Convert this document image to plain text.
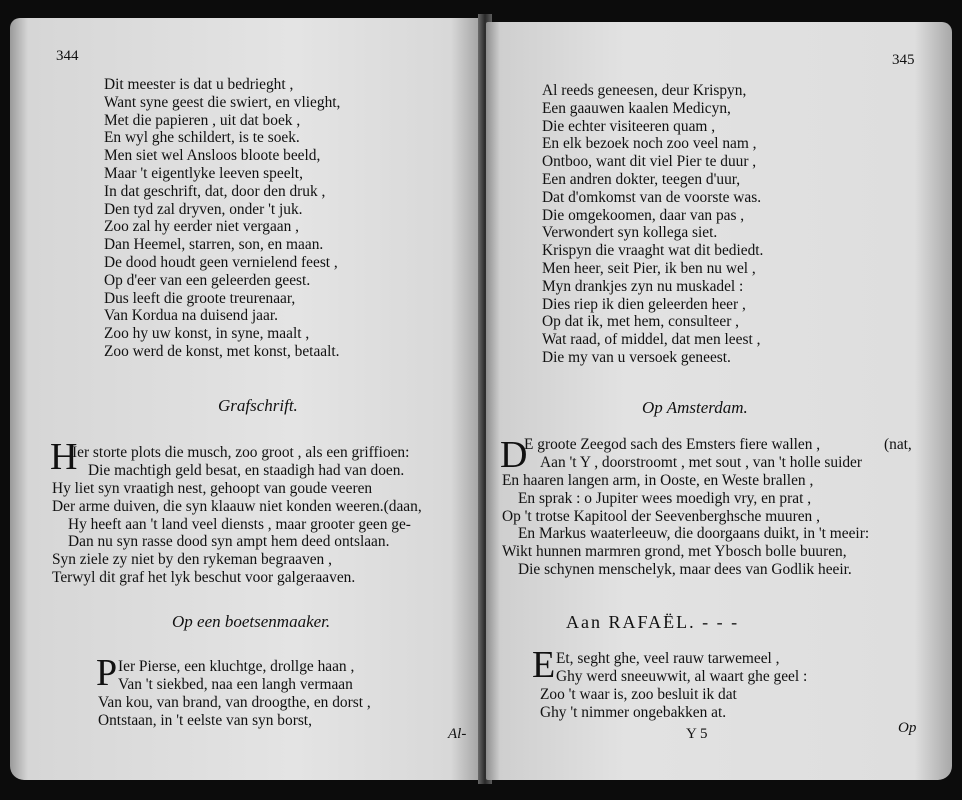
344
Dit meester is dat u bedrieght ,
Want syne geest die swiert, en vlieght,
Met die papieren , uit dat boek ,
En wyl ghe schildert, is te soek.
Men siet wel Ansloos bloote beeld,
Maar 't eigentlyke leeven speelt,
In dat geschrift, dat, door den druk ,
Den tyd zal dryven, onder 't juk.
Zoo zal hy eerder niet vergaan ,
Dan Heemel, starren, son, en maan.
De dood houdt geen vernielend feest ,
Op d'eer van een geleerden geest.
Dus leeft die groote treurenaar,
Van Kordua na duisend jaar.
Zoo hy uw konst, in syne, maalt ,
Zoo werd de konst, met konst, betaalt.
Grafschrift.
H
Ier storte plots die musch, zoo groot , als een griffioen:
Die machtigh geld besat, en staadigh had van doen.
Hy liet syn vraatigh nest, gehoopt van goude veeren
Der arme duiven, die syn klaauw niet konden weeren.(daan,
Hy heeft aan 't land veel diensts , maar grooter geen ge-
Dan nu syn rasse dood syn ampt hem deed ontslaan.
Syn ziele zy niet by den rykeman begraaven ,
Terwyl dit graf het lyk beschut voor galgeraaven.
Op een boetsenmaaker.
P Ier Pierse, een kluchtge, drollge haan ,
Van 't siekbed, naa een langh vermaan
Van kou, van brand, van droogthe, en dorst ,
Ontstaan, in 't eelste van syn borst,
Al-
345
Al reeds geneesen, deur Krispyn,
Een gaauwen kaalen Medicyn,
Die echter visiteeren quam ,
En elk bezoek noch zoo veel nam ,
Ontboo, want dit viel Pier te duur ,
Een andren dokter, teegen d'uur,
Dat d'omkomst van de voorste was.
Die omgekoomen, daar van pas ,
Verwondert syn kollega siet.
Krispyn die vraaght wat dit bediedt.
Men heer, seit Pier, ik ben nu wel ,
Myn drankjes zyn nu muskadel :
Dies riep ik dien geleerden heer ,
Op dat ik, met hem, consulteer ,
Wat raad, of middel, dat men leest ,
Die my van u versoek geneest.
Op Amsterdam.
D	(nat,
E groote Zeegod sach des Emsters fiere wallen ,
Aan 't Y , doorstroomt , met sout , van 't holle suider
En haaren langen arm, in Ooste, en Weste brallen ,
En sprak : o Jupiter wees moedigh vry, en prat ,
Op 't trotse Kapitool der Seevenberghsche muuren ,
En Markus waaterleeuw, die doorgaans duikt, in 't meeir:
Wikt hunnen marmren grond, met Ybosch bolle buuren,
Die schynen menschelyk, maar dees van Godlik heeir.
Aan RAFAËL. - - -
E Et, seght ghe, veel rauw tarwemeel ,
Ghy werd sneeuwwit, al waart ghe geel :
Zoo 't waar is, zoo besluit ik dat
Ghy 't nimmer ongebakken at.
Y 5	Op
